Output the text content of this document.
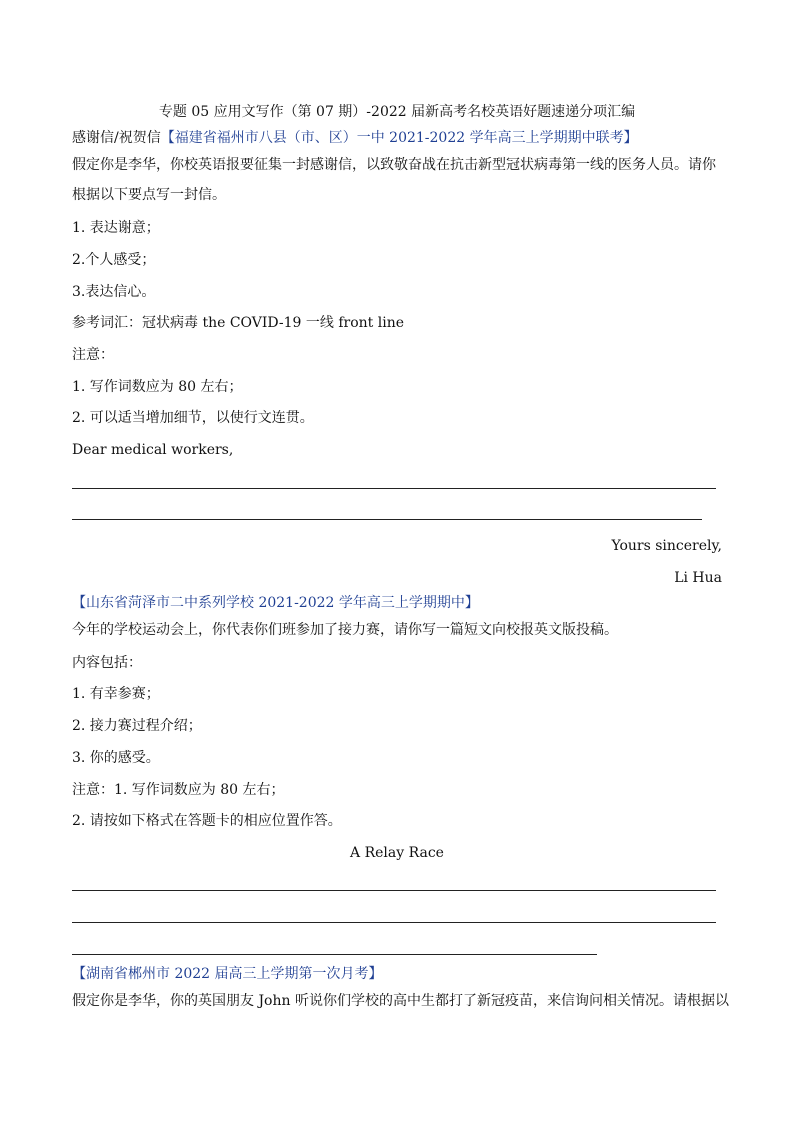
专题 05 应用文写作（第 07 期）-2022 届新高考名校英语好题速递分项汇编
感谢信/祝贺信【福建省福州市八县（市、区）一中 2021-2022 学年高三上学期期中联考】
假定你是李华，你校英语报要征集一封感谢信，以致敬奋战在抗击新型冠状病毒第一线的医务人员。请你
根据以下要点写一封信。
1. 表达谢意；
2.个人感受；
3.表达信心。
参考词汇：冠状病毒 the COVID-19 一线 front line
注意：
1. 写作词数应为 80 左右；
2. 可以适当增加细节，以使行文连贯。
Dear medical workers,
Yours sincerely,
Li Hua
【山东省菏泽市二中系列学校 2021-2022 学年高三上学期期中】
今年的学校运动会上，你代表你们班参加了接力赛，请你写一篇短文向校报英文版投稿。
内容包括：
1. 有幸参赛；
2. 接力赛过程介绍；
3. 你的感受。
注意：1. 写作词数应为 80 左右；
2. 请按如下格式在答题卡的相应位置作答。
A Relay Race
【湖南省郴州市 2022 届高三上学期第一次月考】
假定你是李华，你的英国朋友 John 听说你们学校的高中生都打了新冠疫苗，来信询问相关情况。请根据以
